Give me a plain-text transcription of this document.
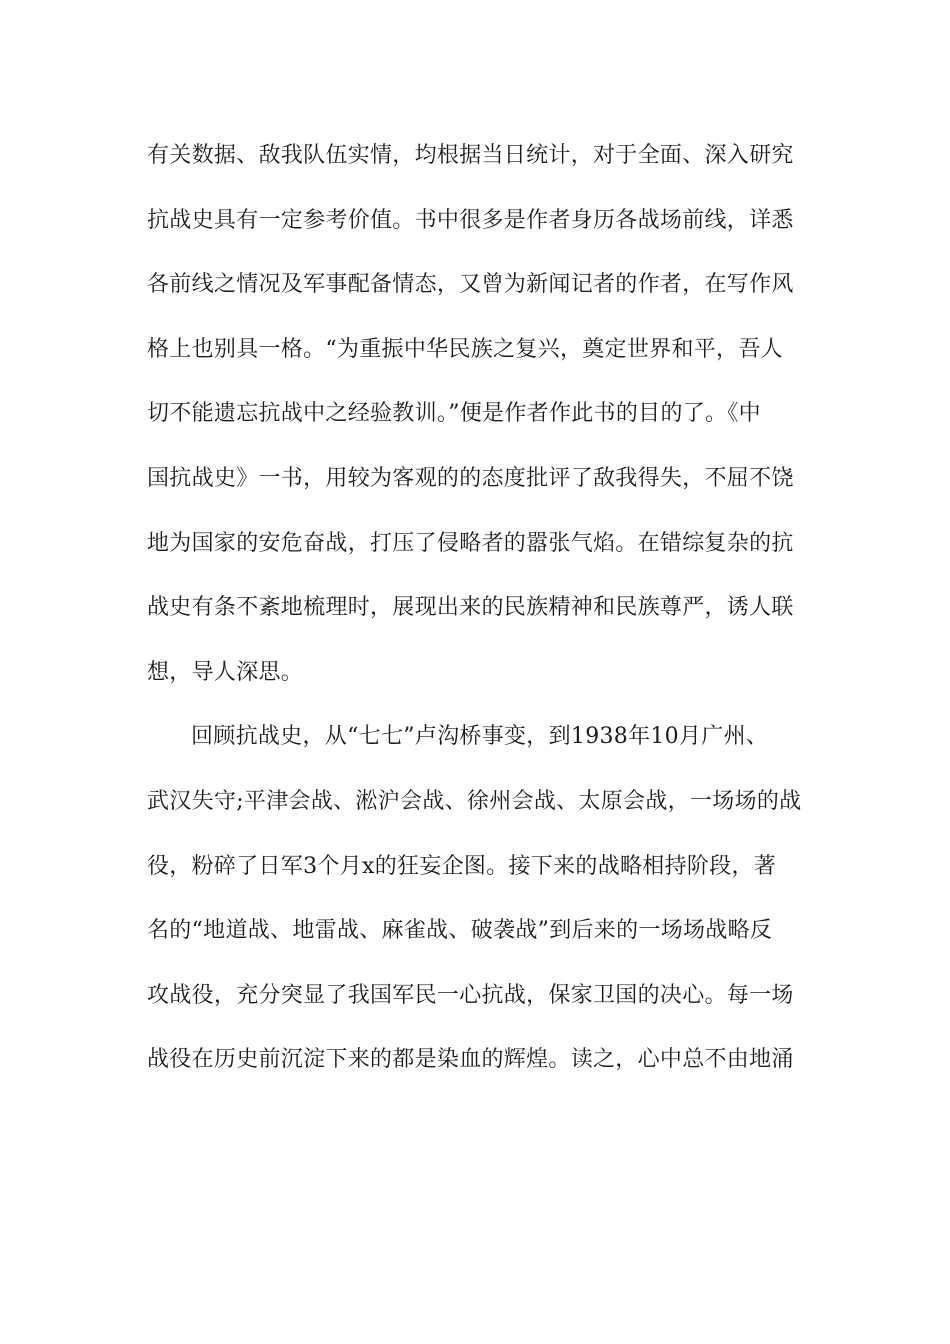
有关数据、敌我队伍实情，均根据当日统计，对于全面、深入研究
抗战史具有一定参考价值。书中很多是作者身历各战场前线，详悉
各前线之情况及军事配备情态，又曾为新闻记者的作者，在写作风
格上也别具一格。“为重振中华民族之复兴，奠定世界和平，吾人
切不能遗忘抗战中之经验教训。”便是作者作此书的目的了。《中
国抗战史》一书，用较为客观的的态度批评了敌我得失，不屈不饶
地为国家的安危奋战，打压了侵略者的嚣张气焰。在错综复杂的抗
战史有条不紊地梳理时，展现出来的民族精神和民族尊严，诱人联
想，导人深思。
回顾抗战史，从“七七”卢沟桥事变，到1938年10月广州、
武汉失守;平津会战、淞沪会战、徐州会战、太原会战，一场场的战
役，粉碎了日军3个月x的狂妄企图。接下来的战略相持阶段，著
名的“地道战、地雷战、麻雀战、破袭战”到后来的一场场战略反
攻战役，充分突显了我国军民一心抗战，保家卫国的决心。每一场
战役在历史前沉淀下来的都是染血的辉煌。读之，心中总不由地涌
